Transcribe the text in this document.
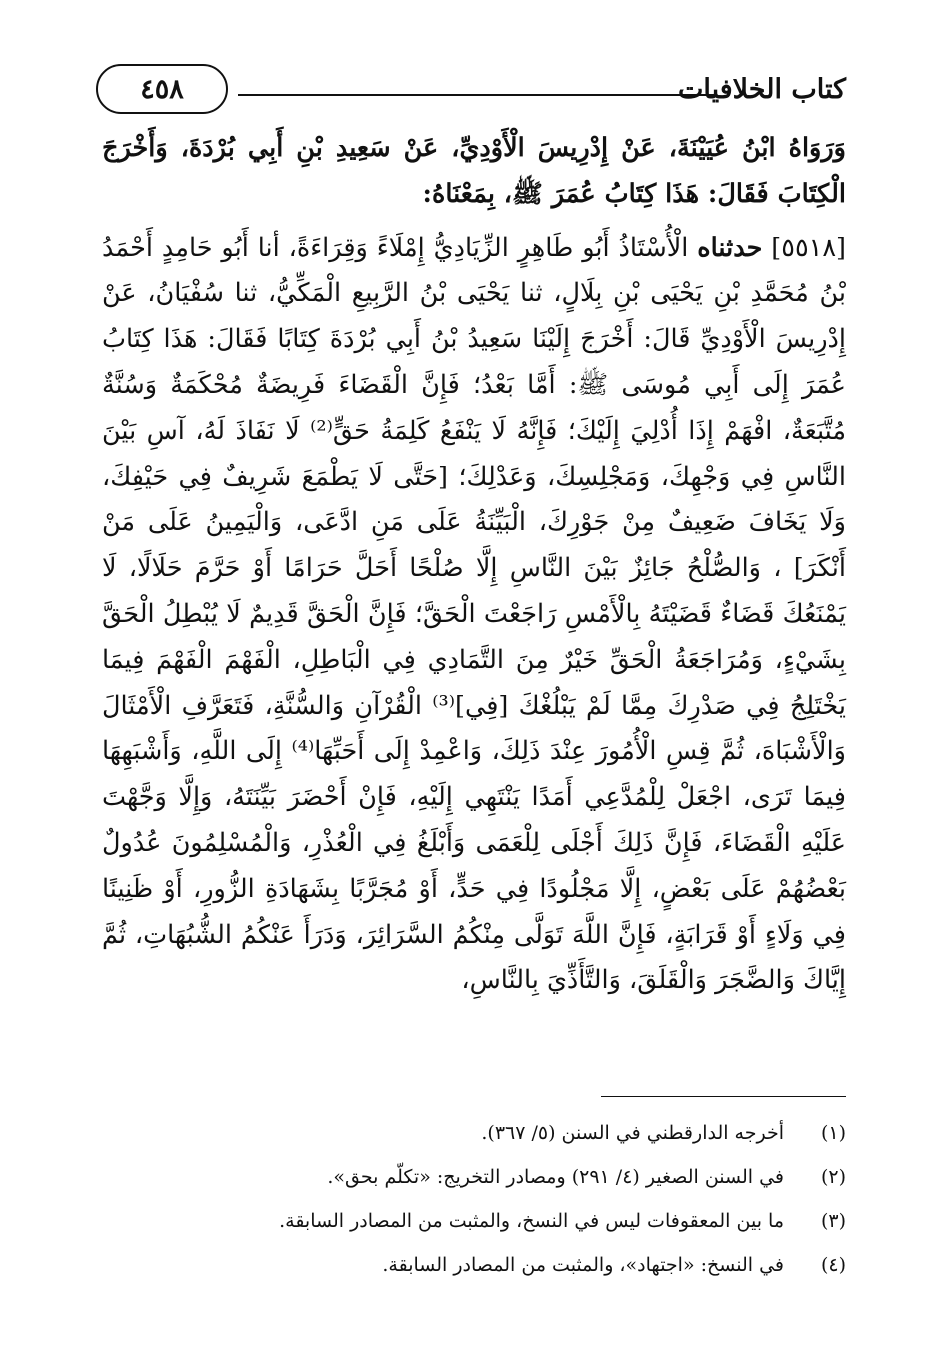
كتاب الخلافيات
٤٥٨

وَرَوَاهُ ابْنُ عُيَيْنَةَ، عَنْ إِدْرِيسَ الْأَوْدِيِّ، عَنْ سَعِيدِ بْنِ أَبِي بُرْدَةَ، وَأَخْرَجَ الْكِتَابَ فَقَالَ: هَذَا كِتَابُ عُمَرَ ﷺ، بِمَعْنَاهُ:

[٥٥١٨] حدثناه الْأُسْتَاذُ أَبُو طَاهِرٍ الزِّيَادِيُّ إِمْلَاءً وَقِرَاءَةً، أنا أَبُو حَامِدٍ أَحْمَدُ بْنُ مُحَمَّدِ بْنِ يَحْيَى بْنِ بِلَالٍ، ثنا يَحْيَى بْنُ الرَّبِيعِ الْمَكِّيُّ، ثنا سُفْيَانُ، عَنْ إِدْرِيسَ الْأَوْدِيِّ قَالَ: أَخْرَجَ إِلَيْنَا سَعِيدُ بْنُ أَبِي بُرْدَةَ كِتَابًا فَقَالَ: هَذَا كِتَابُ عُمَرَ إِلَى أَبِي مُوسَى ﷺ: أَمَّا بَعْدُ؛ فَإِنَّ الْقَضَاءَ فَرِيضَةٌ مُحْكَمَةٌ وَسُنَّةٌ مُتَّبَعَةٌ، افْهَمْ إِذَا أُدْلِيَ إِلَيْكَ؛ فَإِنَّهُ لَا يَنْفَعُ كَلِمَةُ حَقٍّ⁽²⁾ لَا نَفَاذَ لَهُ، آسِ بَيْنَ النَّاسِ فِي وَجْهِكَ، وَمَجْلِسِكَ، وَعَدْلِكَ؛ [حَتَّى لَا يَطْمَعَ شَرِيفٌ فِي حَيْفِكَ، وَلَا يَخَافَ ضَعِيفٌ مِنْ جَوْرِكَ، الْبَيِّنَةُ عَلَى مَنِ ادَّعَى، وَالْيَمِينُ عَلَى مَنْ أَنْكَرَ] ، وَالصُّلْحُ جَائِزٌ بَيْنَ النَّاسِ إِلَّا صُلْحًا أَحَلَّ حَرَامًا أَوْ حَرَّمَ حَلَالًا، لَا يَمْنَعُكَ قَضَاءٌ قَضَيْتَهُ بِالْأَمْسِ رَاجَعْتَ الْحَقَّ؛ فَإِنَّ الْحَقَّ قَدِيمٌ لَا يُبْطِلُ الْحَقَّ بِشَيْءٍ، وَمُرَاجَعَةُ الْحَقِّ خَيْرٌ مِنَ التَّمَادِي فِي الْبَاطِلِ، الْفَهْمَ الْفَهْمَ فِيمَا يَخْتَلِجُ فِي صَدْرِكَ مِمَّا لَمْ يَبْلُغْكَ [فِي]⁽³⁾ الْقُرْآنِ وَالسُّنَّةِ، فَتَعَرَّفِ الْأَمْثَالَ وَالْأَشْبَاهَ، ثُمَّ قِسِ الْأُمُورَ عِنْدَ ذَلِكَ، وَاعْمِدْ إِلَى أَحَبِّهَا⁽⁴⁾ إِلَى اللَّهِ، وَأَشْبَهِهَا فِيمَا تَرَى، اجْعَلْ لِلْمُدَّعِي أَمَدًا يَنْتَهِي إِلَيْهِ، فَإِنْ أَحْضَرَ بَيِّنَتَهُ، وَإِلَّا وَجَّهْتَ عَلَيْهِ الْقَضَاءَ، فَإِنَّ ذَلِكَ أَجْلَى لِلْعَمَى وَأَبْلَغُ فِي الْعُذْرِ، وَالْمُسْلِمُونَ عُدُولٌ بَعْضُهُمْ عَلَى بَعْضٍ، إِلَّا مَجْلُودًا فِي حَدٍّ، أَوْ مُجَرَّبًا بِشَهَادَةِ الزُّورِ، أَوْ ظَنِينًا فِي وَلَاءٍ أَوْ قَرَابَةٍ، فَإِنَّ اللَّهَ تَوَلَّى مِنْكُمُ السَّرَائِرَ، وَدَرَأَ عَنْكُمُ الشُّبُهَاتِ، ثُمَّ إِيَّاكَ وَالضَّجَرَ وَالْقَلَقَ، وَالتَّأَذِّيَ بِالنَّاسِ،

(١)
أخرجه الدارقطني في السنن (٥/ ٣٦٧).
(٢)
في السنن الصغير (٤/ ٢٩١) ومصادر التخريج: «تكلّم بحق».
(٣)
ما بين المعقوفات ليس في النسخ، والمثبت من المصادر السابقة.
(٤)
في النسخ: «اجتهاد»، والمثبت من المصادر السابقة.
